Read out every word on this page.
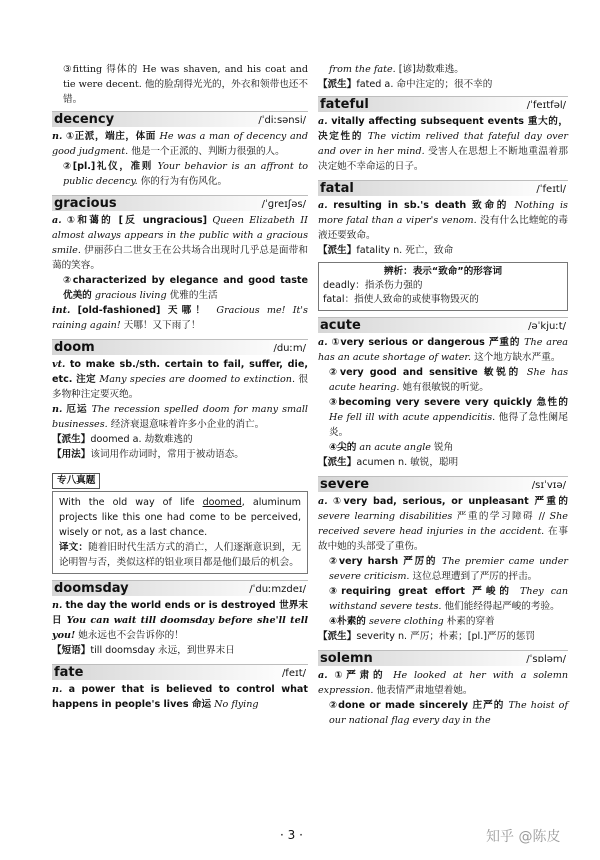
③fitting 得体的 He was shaven, and his coat and tie were decent. 他的脸刮得光光的，外衣和领带也还不错。

decency	/ˈdiːsənsi/

n. ①正派，端庄，体面 He was a man of decency and good judgment. 他是一个正派的、判断力很强的人。

②[pl.]礼仪，准则 Your behavior is an affront to public decency. 你的行为有伤风化。

gracious	/ˈɡreɪʃəs/

a. ①和蔼的 [反 ungracious] Queen Elizabeth II almost always appears in the public with a gracious smile. 伊丽莎白二世女王在公共场合出现时几乎总是面带和蔼的笑容。

②characterized by elegance and good taste 优美的 gracious living 优雅的生活

int. [old-fashioned] 天哪！ Gracious me! It's raining again! 天哪！又下雨了！

doom	/duːm/

vt. to make sb./sth. certain to fail, suffer, die, etc. 注定 Many species are doomed to extinction. 很多物种注定要灭绝。

n. 厄运 The recession spelled doom for many small businesses. 经济衰退意味着许多小企业的消亡。

【派生】doomed a. 劫数难逃的

【用法】该词用作动词时，常用于被动语态。

专八真题

With the old way of life doomed, aluminum projects like this one had come to be perceived, wisely or not, as a last chance.

译文：随着旧时代生活方式的消亡，人们逐渐意识到，无论明智与否，类似这样的铝业项目都是他们最后的机会。

doomsday	/ˈduːmzdeɪ/

n. the day the world ends or is destroyed 世界末日 You can wait till doomsday before she'll tell you! 她永远也不会告诉你的！

【短语】till doomsday 永远，到世界末日

fate	/feɪt/

n. a power that is believed to control what happens in people's lives 命运 No flying

from the fate. [谚]劫数难逃。

【派生】fated a. 命中注定的；很不幸的

fateful	/ˈfeɪtfəl/

a. vitally affecting subsequent events 重大的，决定性的 The victim relived that fateful day over and over in her mind. 受害人在思想上不断地重温着那决定她不幸命运的日子。

fatal	/ˈfeɪtl/

a. resulting in sb.'s death 致命的 Nothing is more fatal than a viper's venom. 没有什么比蝰蛇的毒液还要致命。

【派生】fatality n. 死亡，致命

辨析：表示“致命”的形容词
deadly：指杀伤力强的
fatal：指使人致命的或使事物毁灭的
acute	/əˈkjuːt/

a. ①very serious or dangerous 严重的 The area has an acute shortage of water. 这个地方缺水严重。

②very good and sensitive 敏锐的 She has acute hearing. 她有很敏锐的听觉。

③becoming very severe very quickly 急性的 He fell ill with acute appendicitis. 他得了急性阑尾炎。

④尖的 an acute angle 锐角

【派生】acumen n. 敏锐，聪明

severe	/sɪˈvɪə/

a. ①very bad, serious, or unpleasant 严重的 severe learning disabilities 严重的学习障碍 // She received severe head injuries in the accident. 在事故中她的头部受了重伤。

②very harsh 严厉的 The premier came under severe criticism. 这位总理遭到了严厉的抨击。

③requiring great effort 严峻的 They can withstand severe tests. 他们能经得起严峻的考验。

④朴素的 severe clothing 朴素的穿着

【派生】severity n. 严厉；朴素；[pl.]严厉的惩罚

solemn	/ˈsɒləm/

a. ①严肃的 He looked at her with a solemn expression. 他表情严肃地望着她。

②done or made sincerely 庄严的 The hoist of our national flag every day in the

· 3 ·	知乎 @陈皮
